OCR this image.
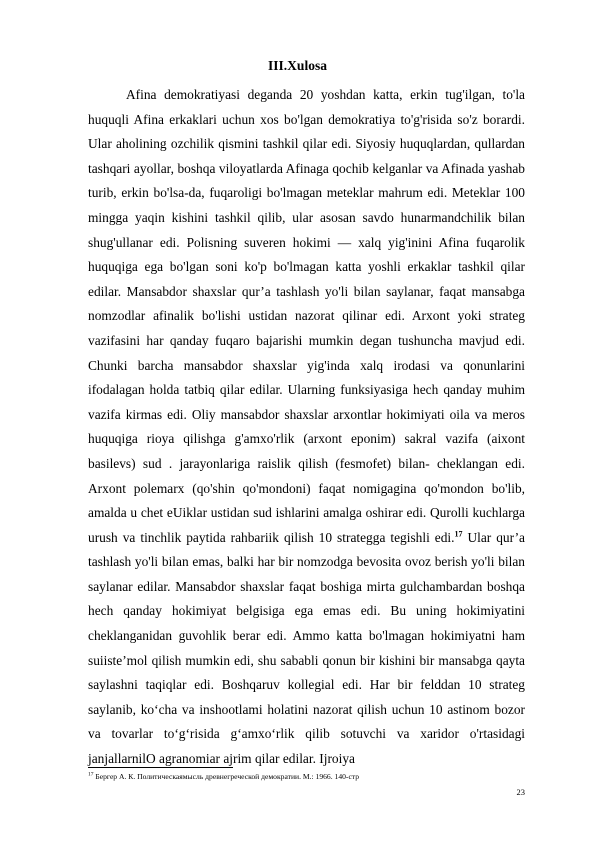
III.Xulosa

Afina demokratiyasi deganda 20 yoshdan katta, erkin tug'ilgan, to'la huquqli Afina erkaklari uchun xos bo'lgan demokratiya to'g'risida so'z borardi. Ular aholining ozchilik qismini tashkil qilar edi. Siyosiy huquqlardan, qullardan tashqari ayollar, boshqa viloyatlarda Afinaga qochib kelganlar va Afinada yashab turib, erkin bo'lsa-da, fuqaroligi bo'lmagan meteklar mahrum edi. Meteklar 100 mingga yaqin kishini tashkil qilib, ular asosan savdo hunarmandchilik bilan shug'ullanar edi. Polisning suveren hokimi — xalq yig'inini Afina fuqarolik huquqiga ega bo'lgan soni ko'p bo'lmagan katta yoshli erkaklar tashkil qilar edilar. Mansabdor shaxslar qur’a tashlash yo'li bilan saylanar, faqat mansabga nomzodlar afinalik bo'lishi ustidan nazorat qilinar edi. Arxont yoki strateg vazifasini har qanday fuqaro bajarishi mumkin degan tushuncha mavjud edi. Chunki barcha mansabdor shaxslar yig'inda xalq irodasi va qonunlarini ifodalagan holda tatbiq qilar edilar. Ularning funksiyasiga hech qanday muhim vazifa kirmas edi. Oliy mansabdor shaxslar arxontlar hokimiyati oila va meros huquqiga rioya qilishga g'amxo'rlik (arxont eponim) sakral vazifa (aixont basilevs) sud . jarayonlariga raislik qilish (fesmofet) bilan- cheklangan edi. Arxont polemarx (qo'shin qo'mondoni) faqat nomigagina qo'mondon bo'lib, amalda u chet eUiklar ustidan sud ishlarini amalga oshirar edi. Qurolli kuchlarga urush va tinchlik paytida rahbariik qilish 10 strategga tegishli edi.$^{17}$ Ular qur’a tashlash yo'li bilan emas, balki har bir nomzodga bevosita ovoz berish yo'li bilan saylanar edilar. Mansabdor shaxslar faqat boshiga mirta gulchambardan boshqa hech qanday hokimiyat belgisiga ega emas edi. Bu uning hokimiyatini cheklanganidan guvohlik berar edi. Ammo katta bo'lmagan hokimiyatni ham suiiste’mol qilish mumkin edi, shu sababli qonun bir kishini bir mansabga qayta saylashni taqiqlar edi. Boshqaruv kollegial edi. Har bir felddan 10 strateg saylanib, ko‘cha va inshootlami holatini nazorat qilish uchun 10 astinom bozor va tovarlar to‘g‘risida g‘amxo‘rlik qilib sotuvchi va xaridor o'rtasidagi janjallarnilO agranomiar ajrim qilar edilar. Ijroiya

$^{17}$ Бергер А. К. Политическаямысль древнегреческой демократии. М.: 1966. 140-стр
23
